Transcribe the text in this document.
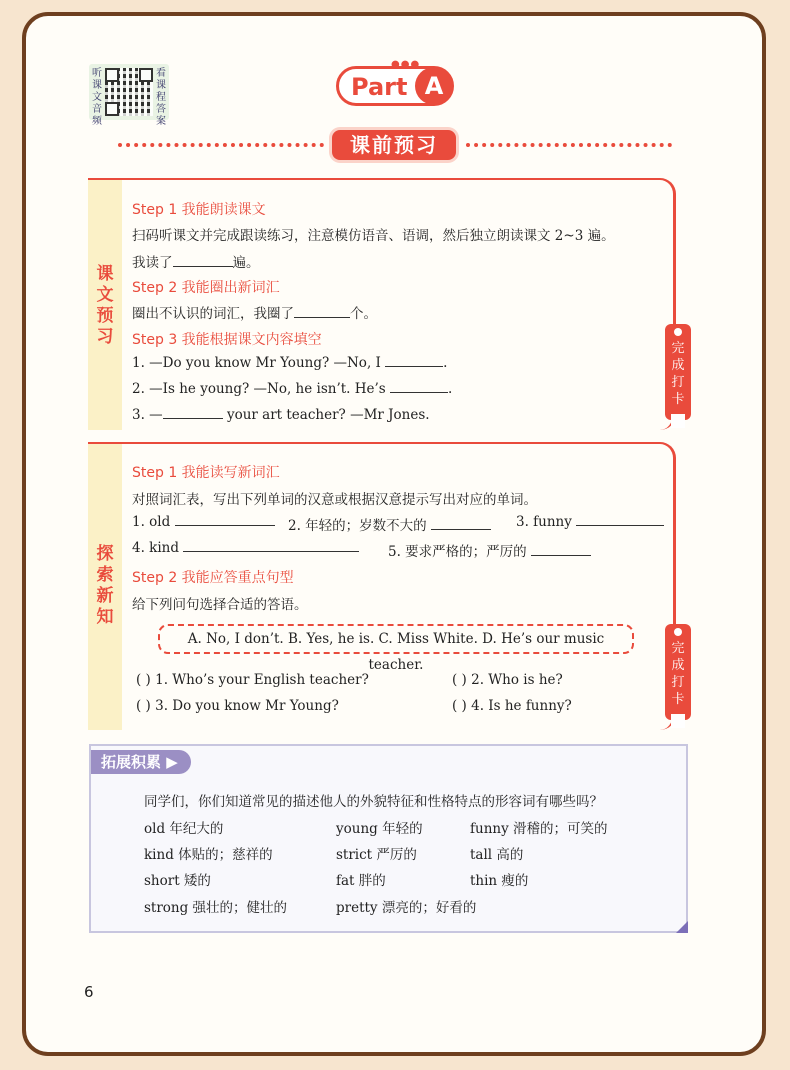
听
课
文
音
频
看
课
程
答
案
●●●
Part A
课前预习
课
文
预
习
完
成
打
卡
Step 1 我能朗读课文
扫码听课文并完成跟读练习，注意模仿语音、语调，然后独立朗读课文 2~3 遍。
我读了	遍。
Step 2 我能圈出新词汇
圈出不认识的词汇，我圈了	个。
Step 3 我能根据课文内容填空
1. —Do you know Mr Young? —No, I	.
2. —Is he young? —No, he isn’t. He’s	.
3. —	your art teacher? —Mr Jones.
探
索
新
知
完
成
打
卡
Step 1 我能读写新词汇
对照词汇表，写出下列单词的汉意或根据汉意提示写出对应的单词。
1. old	2. 年轻的；岁数不大的	3. funny
4. kind	5. 要求严格的；严厉的
Step 2 我能应答重点句型
给下列问句选择合适的答语。
A. No, I don’t. B. Yes, he is. C. Miss White. D. He’s our music teacher.
( ) 1. Who’s your English teacher?	( ) 2. Who is he?
( ) 3. Do you know Mr Young?	( ) 4. Is he funny?
拓展积累 ▶
同学们，你们知道常见的描述他人的外貌特征和性格特点的形容词有哪些吗？
old 年纪大的	young 年轻的	funny 滑稽的；可笑的
kind 体贴的；慈祥的	strict 严厉的	tall 高的
short 矮的	fat 胖的	thin 瘦的
strong 强壮的；健壮的	pretty 漂亮的；好看的
6
